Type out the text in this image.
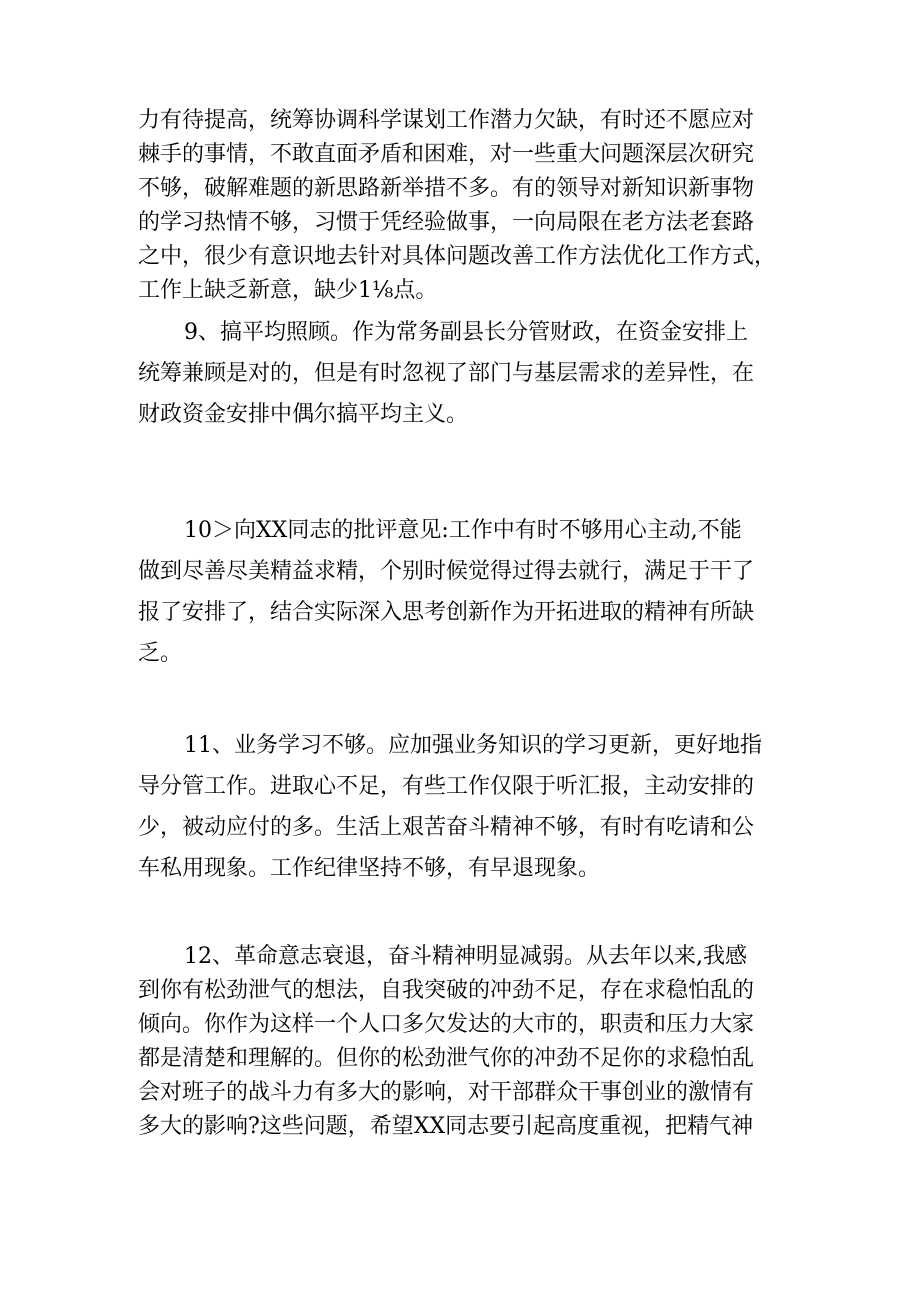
力有待提高，统筹协调科学谋划工作潜力欠缺，有时还不愿应对
棘手的事情，不敢直面矛盾和困难，对一些重大问题深层次研究
不够，破解难题的新思路新举措不多。有的领导对新知识新事物
的学习热情不够，习惯于凭经验做事，一向局限在老方法老套路
之中，很少有意识地去针对具体问题改善工作方法优化工作方式，
工作上缺乏新意，缺少1⅛点。
9、搞平均照顾。作为常务副县长分管财政，在资金安排上
统筹兼顾是对的，但是有时忽视了部门与基层需求的差异性，在
财政资金安排中偶尔搞平均主义。
10＞向XX同志的批评意见:工作中有时不够用心主动,不能
做到尽善尽美精益求精，个别时候觉得过得去就行，满足于干了
报了安排了，结合实际深入思考创新作为开拓进取的精神有所缺
乏。
11、业务学习不够。应加强业务知识的学习更新，更好地指
导分管工作。进取心不足，有些工作仅限于听汇报，主动安排的
少，被动应付的多。生活上艰苦奋斗精神不够，有时有吃请和公
车私用现象。工作纪律坚持不够，有早退现象。
12、革命意志衰退，奋斗精神明显减弱。从去年以来,我感
到你有松劲泄气的想法，自我突破的冲劲不足，存在求稳怕乱的
倾向。你作为这样一个人口多欠发达的大市的，职责和压力大家
都是清楚和理解的。但你的松劲泄气你的冲劲不足你的求稳怕乱
会对班子的战斗力有多大的影响，对干部群众干事创业的激情有
多大的影响?这些问题，希望XX同志要引起高度重视，把精气神
